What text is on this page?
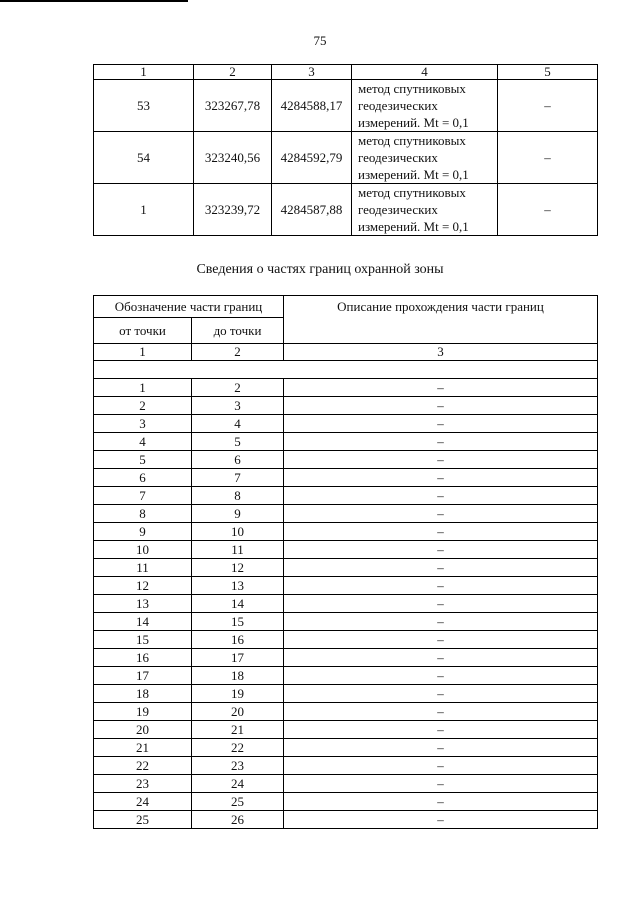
75
1	2	3	4	5
53	323267,78	4284588,17	метод спутниковых геодезических измерений. Mt = 0,1	–
54	323240,56	4284592,79	метод спутниковых геодезических измерений. Mt = 0,1	–
1	323239,72	4284587,88	метод спутниковых геодезических измерений. Mt = 0,1	–
Сведения о частях границ охранной зоны
Обозначение части границ		Описание прохождения части границ
от точки	до точки	
1	2	3

1	2	–
2	3	–
3	4	–
4	5	–
5	6	–
6	7	–
7	8	–
8	9	–
9	10	–
10	11	–
11	12	–
12	13	–
13	14	–
14	15	–
15	16	–
16	17	–
17	18	–
18	19	–
19	20	–
20	21	–
21	22	–
22	23	–
23	24	–
24	25	–
25	26	–
